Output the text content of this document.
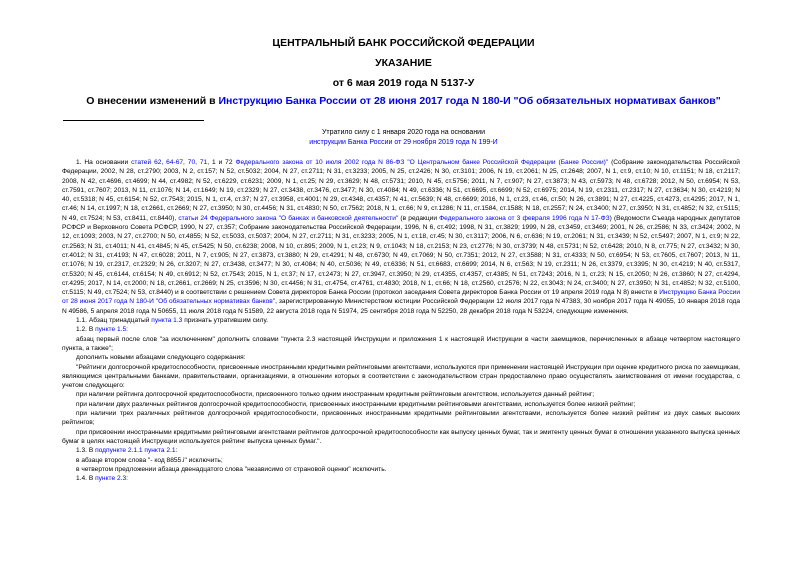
ЦЕНТРАЛЬНЫЙ БАНК РОССИЙСКОЙ ФЕДЕРАЦИИ
УКАЗАНИЕ
от 6 мая 2019 года N 5137-У
О внесении изменений в Инструкцию Банка России от 28 июня 2017 года N 180-И "Об обязательных нормативах банков"
Утратило силу с 1 января 2020 года на основании
инструкции Банка России от 29 ноября 2019 года N 199-И

1. На основании статей 62, 64-67, 70, 71, 1 и 72 Федерального закона от 10 июля 2002 года N 86-ФЗ "О Центральном банке Российской Федерации (Банке России)" (Собрание законодательства Российской Федерации, 2002, N 28, ст.2790; 2003, N 2, ст.157; N 52, ст.5032; 2004, N 27, ст.2711; N 31, ст.3233; 2005, N 25, ст.2426; N 30, ст.3101; 2006, N 19, ст.2061; N 25, ст.2648; 2007, N 1, ст.9, ст.10; N 10, ст.1151; N 18, ст.2117; 2008, N 42, ст.4696, ст.4699; N 44, ст.4982; N 52, ст.6229, ст.6231; 2009, N 1, ст.25; N 29, ст.3629; N 48, ст.5731; 2010, N 45, ст.5756; 2011, N 7, ст.907; N 27, ст.3873; N 43, ст.5973; N 48, ст.6728; 2012, N 50, ст.6954; N 53, ст.7591, ст.7607; 2013, N 11, ст.1076; N 14, ст.1649; N 19, ст.2329; N 27, ст.3438, ст.3476, ст.3477; N 30, ст.4084; N 49, ст.6336; N 51, ст.6695, ст.6699; N 52, ст.6975; 2014, N 19, ст.2311, ст.2317; N 27, ст.3634; N 30, ст.4219; N 40, ст.5318; N 45, ст.6154; N 52, ст.7543; 2015, N 1, ст.4, ст.37; N 27, ст.3958, ст.4001; N 29, ст.4348, ст.4357; N 41, ст.5639; N 48, ст.6699; 2016, N 1, ст.23, ст.46, ст.50; N 26, ст.3891; N 27, ст.4225, ст.4273, ст.4295; 2017, N 1, ст.46; N 14, ст.1997; N 18, ст.2661, ст.2669; N 27, ст.3950; N 30, ст.4456; N 31, ст.4830; N 50, ст.7562; 2018, N 1, ст.66; N 9, ст.1286; N 11, ст.1584, ст.1588; N 18, ст.2557; N 24, ст.3400; N 27, ст.3950; N 31, ст.4852; N 32, ст.5115; N 49, ст.7524; N 53, ст.8411, ст.8440), статьи 24 Федерального закона "О банках и банковской деятельности" (в редакции Федерального закона от 3 февраля 1996 года N 17-ФЗ) (Ведомости Съезда народных депутатов РСФСР и Верховного Совета РСФСР, 1990, N 27, ст.357; Собрание законодательства Российской Федерации, 1996, N 6, ст.492; 1998, N 31, ст.3829; 1999, N 28, ст.3459, ст.3469; 2001, N 26, ст.2586; N 33, ст.3424; 2002, N 12, ст.1093; 2003, N 27, ст.2700; N 50, ст.4855; N 52, ст.5033, ст.5037; 2004, N 27, ст.2711; N 31, ст.3233; 2005, N 1, ст.18, ст.45; N 30, ст.3117; 2006, N 6, ст.636; N 19, ст.2061; N 31, ст.3439; N 52, ст.5497; 2007, N 1, ст.9; N 22, ст.2563; N 31, ст.4011; N 41, ст.4845; N 45, ст.5425; N 50, ст.6238; 2008, N 10, ст.895; 2009, N 1, ст.23; N 9, ст.1043; N 18, ст.2153; N 23, ст.2776; N 30, ст.3739; N 48, ст.5731; N 52, ст.6428; 2010, N 8, ст.775; N 27, ст.3432; N 30, ст.4012; N 31, ст.4193; N 47, ст.6028; 2011, N 7, ст.905; N 27, ст.3873, ст.3880; N 29, ст.4291; N 48, ст.6730; N 49, ст.7069; N 50, ст.7351; 2012, N 27, ст.3588; N 31, ст.4333; N 50, ст.6954; N 53, ст.7605, ст.7607; 2013, N 11, ст.1076; N 19, ст.2317, ст.2329; N 26, ст.3207; N 27, ст.3438, ст.3477; N 30, ст.4084; N 40, ст.5036; N 49, ст.6336; N 51, ст.6683, ст.6699; 2014, N 6, ст.563; N 19, ст.2311; N 26, ст.3379, ст.3395; N 30, ст.4219; N 40, ст.5317, ст.5320; N 45, ст.6144, ст.6154; N 49, ст.6912; N 52, ст.7543; 2015, N 1, ст.37; N 17, ст.2473; N 27, ст.3947, ст.3950; N 29, ст.4355, ст.4357, ст.4385; N 51, ст.7243; 2016, N 1, ст.23; N 15, ст.2050; N 26, ст.3860; N 27, ст.4294, ст.4295; 2017, N 14, ст.2000; N 18, ст.2661, ст.2669; N 25, ст.3596; N 30, ст.4456; N 31, ст.4754, ст.4761, ст.4830; 2018, N 1, ст.66; N 18, ст.2560, ст.2576; N 22, ст.3043; N 24, ст.3400; N 27, ст.3950; N 31, ст.4852; N 32, ст.5100, ст.5115; N 49, ст.7524; N 53, ст.8440) и в соответствии с решением Совета директоров Банка России (протокол заседания Совета директоров Банка России от 19 апреля 2019 года N 8) внести в Инструкцию Банка России от 28 июня 2017 года N 180-И "Об обязательных нормативах банков", зарегистрированную Министерством юстиции Российской Федерации 12 июля 2017 года N 47383, 30 ноября 2017 года N 49055, 10 января 2018 года N 49586, 5 апреля 2018 года N 50655, 11 июля 2018 года N 51589, 22 августа 2018 года N 51974, 25 сентября 2018 года N 52250, 28 декабря 2018 года N 53224, следующие изменения.

1.1. Абзац тринадцатый пункта 1.3 признать утратившим силу.

1.2. В пункте 1.5:

абзац первый после слов "за исключением" дополнить словами "пункта 2.3 настоящей Инструкции и приложения 1 к настоящей Инструкции в части заемщиков, перечисленных в абзаце четвертом настоящего пункта, а также";

дополнить новыми абзацами следующего содержания:

"Рейтинги долгосрочной кредитоспособности, присвоенные иностранными кредитными рейтинговыми агентствами, используются при применении настоящей Инструкции при оценке кредитного риска по заемщикам, являющимся центральными банками, правительствами, организациями, в отношении которых в соответствии с законодательством стран предоставлено право осуществлять заимствования от имени государства, с учетом следующего:

при наличии рейтинга долгосрочной кредитоспособности, присвоенного только одним иностранным кредитным рейтинговым агентством, используется данный рейтинг;

при наличии двух различных рейтингов долгосрочной кредитоспособности, присвоенных иностранными кредитными рейтинговыми агентствами, используется более низкий рейтинг;

при наличии трех различных рейтингов долгосрочной кредитоспособности, присвоенных иностранными кредитными рейтинговыми агентствами, используется более низкий рейтинг из двух самых высоких рейтингов;

при присвоении иностранными кредитными рейтинговыми агентствами рейтингов долгосрочной кредитоспособности как выпуску ценных бумаг, так и эмитенту ценных бумаг в отношении указанного выпуска ценных бумаг в целях настоящей Инструкции используется рейтинг выпуска ценных бумаг.".

1.3. В подпункте 2.1.1 пункта 2.1:

в абзаце втором слова "- код 8855.i" исключить;

в четвертом предложении абзаца двенадцатого слова "независимо от страновой оценки" исключить.

1.4. В пункте 2.3:
